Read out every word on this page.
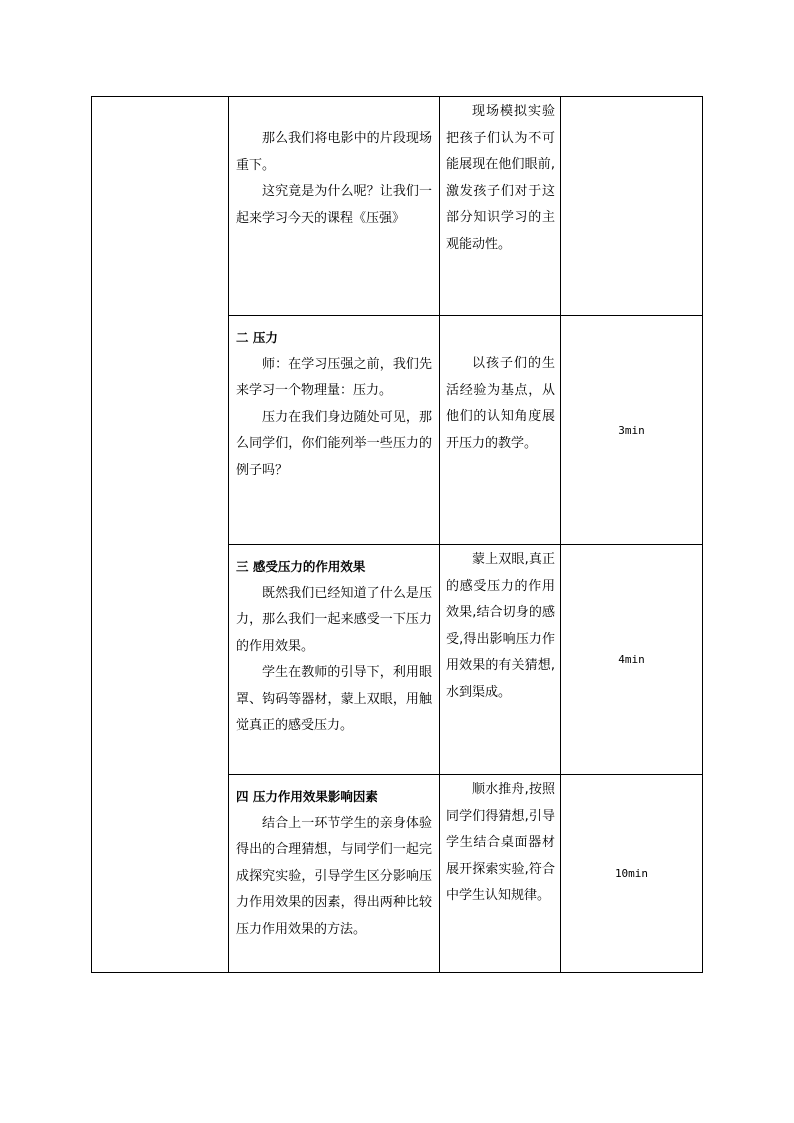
	那么我们将电影中的片段现场重下。

这究竟是为什么呢？让我们一起来学习今天的课程《压强》	现场模拟实验把孩子们认为不可能展现在他们眼前,激发孩子们对于这部分知识学习的主观能动性。	

	二 压力

师：在学习压强之前，我们先来学习一个物理量：压力。

压力在我们身边随处可见，那么同学们，你们能列举一些压力的例子吗？	以孩子们的生活经验为基点，从他们的认知角度展开压力的教学。	3min

	三 感受压力的作用效果

既然我们已经知道了什么是压力，那么我们一起来感受一下压力的作用效果。

学生在教师的引导下，利用眼罩、钩码等器材，蒙上双眼，用触觉真正的感受压力。	蒙上双眼,真正的感受压力的作用效果,结合切身的感受,得出影响压力作用效果的有关猜想,水到渠成。	4min

	四 压力作用效果影响因素

结合上一环节学生的亲身体验得出的合理猜想，与同学们一起完成探究实验，引导学生区分影响压力作用效果的因素，得出两种比较压力作用效果的方法。	顺水推舟,按照同学们得猜想,引导学生结合桌面器材展开探索实验,符合中学生认知规律。	10min
